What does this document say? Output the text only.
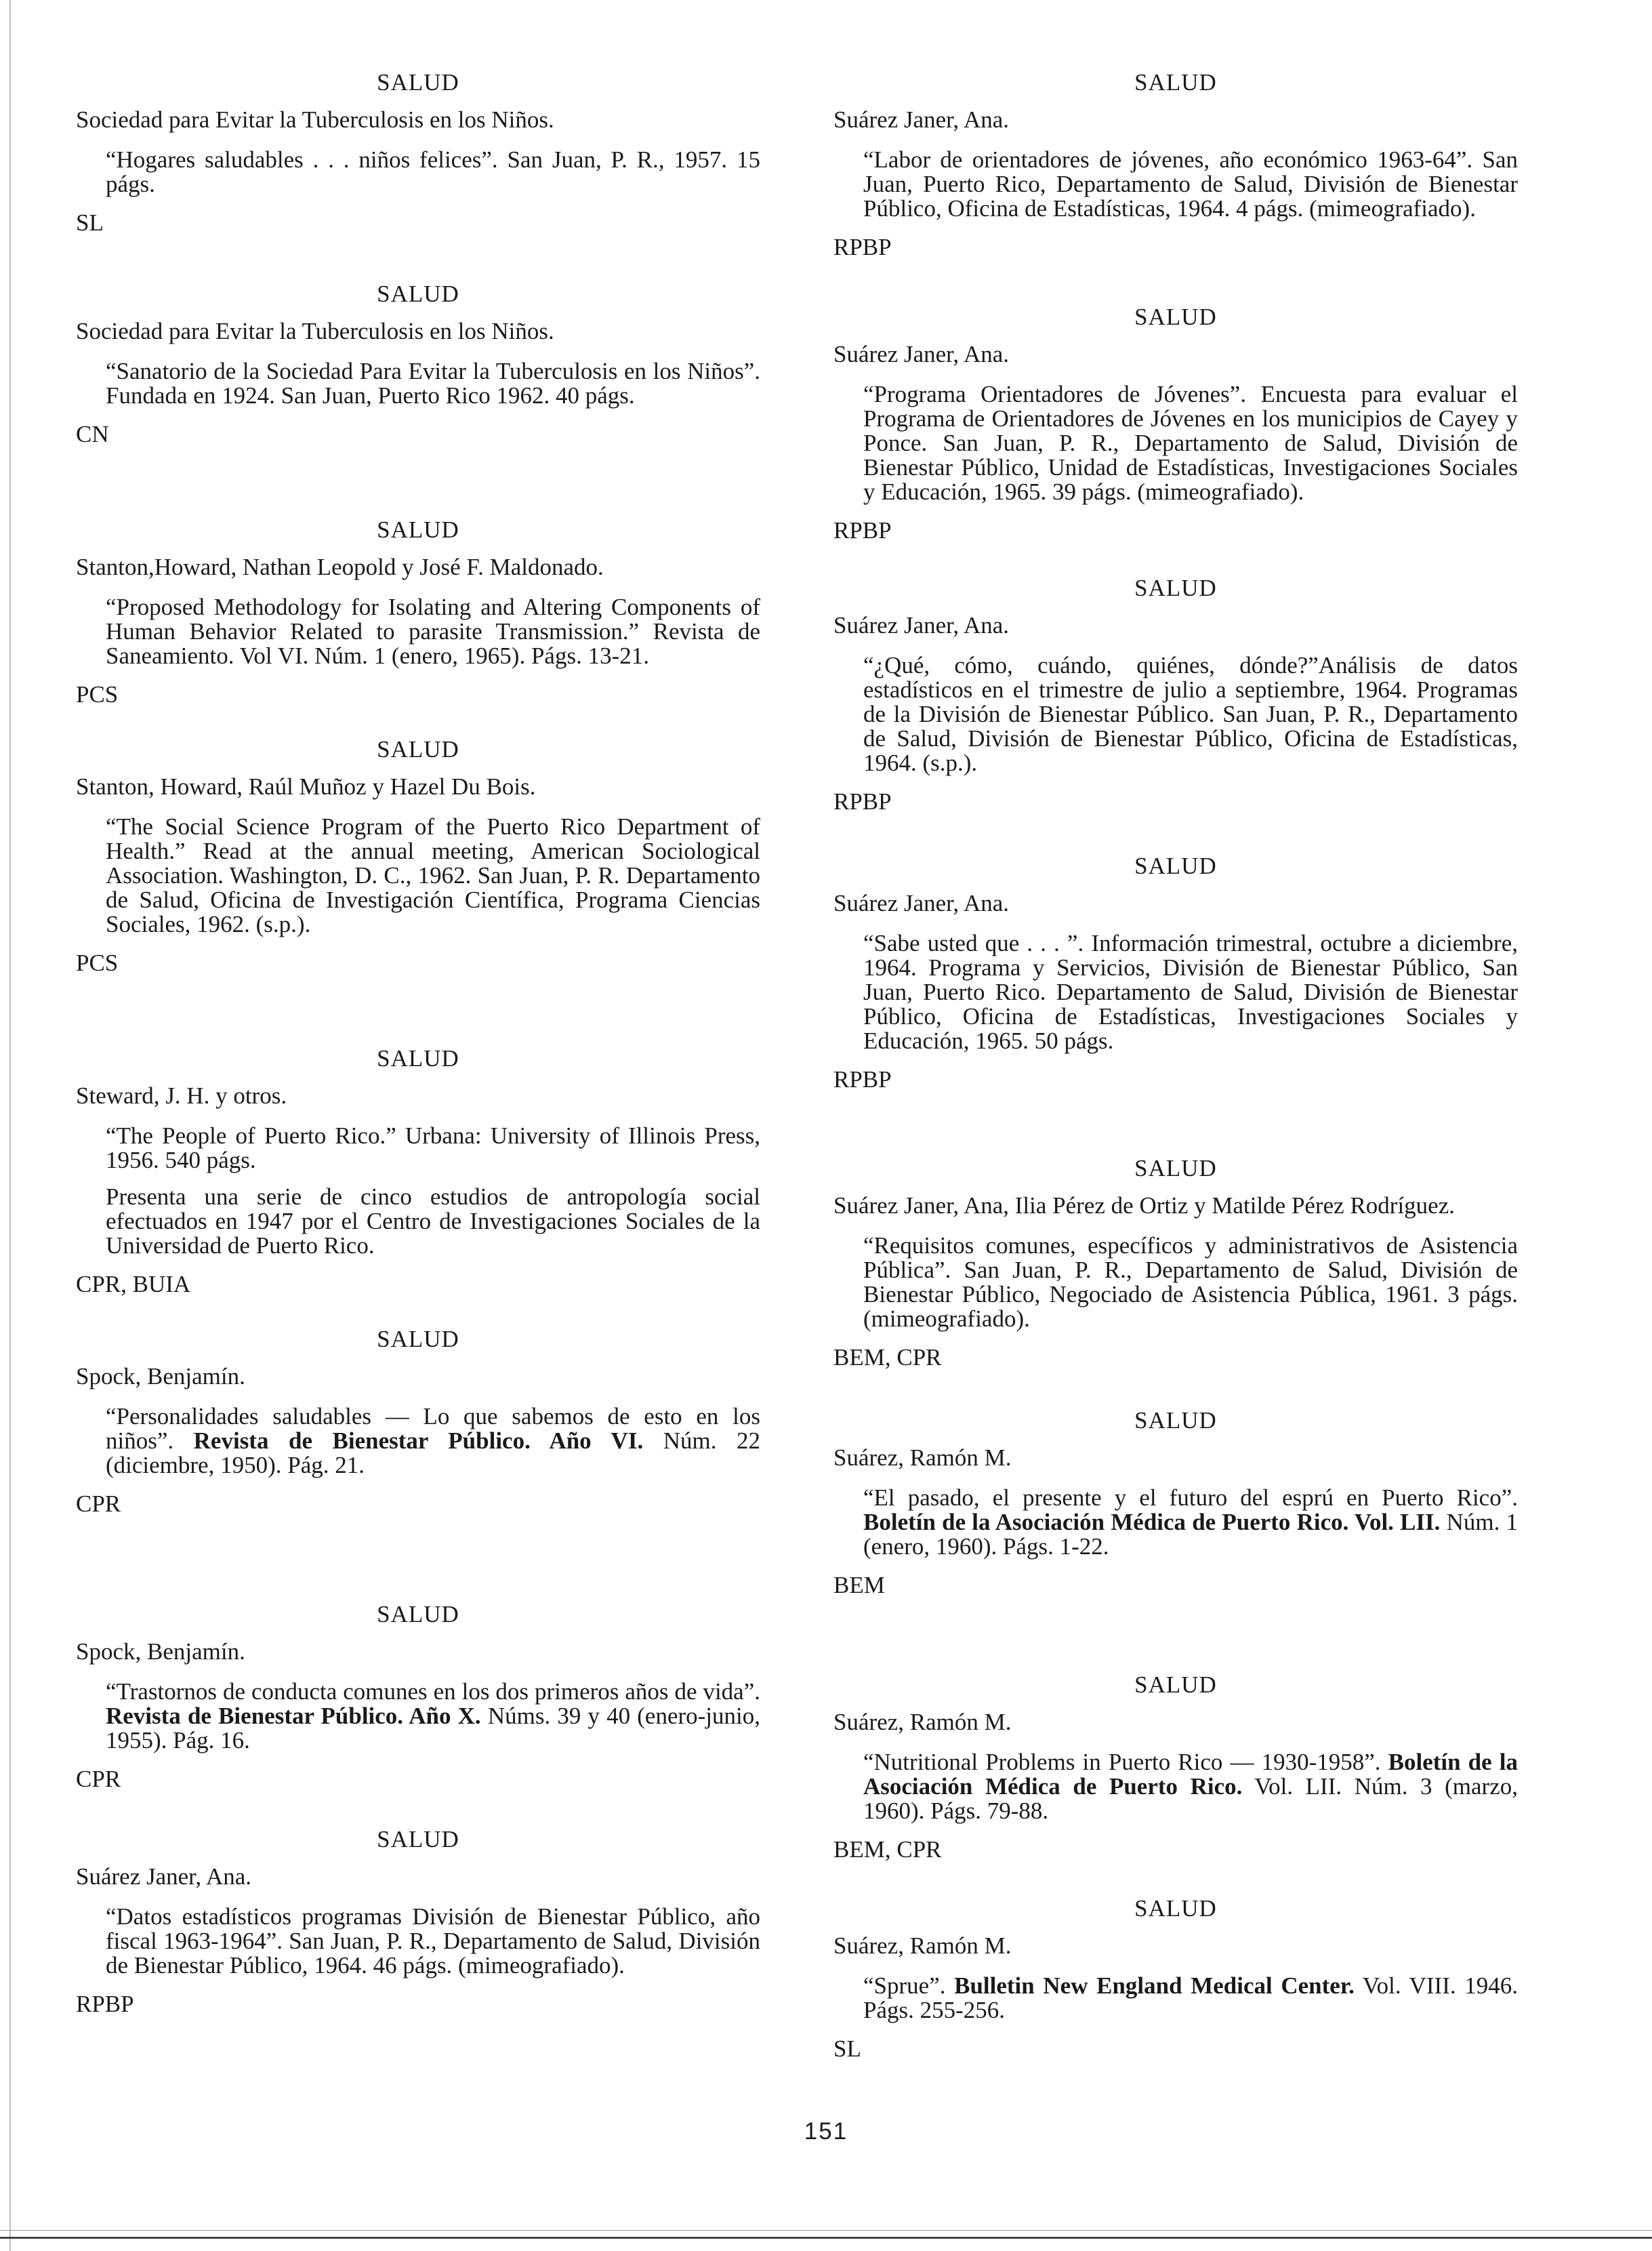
SALUD
Sociedad para Evitar la Tuberculosis en los Niños.
“Hogares saludables . . . niños felices”. San Juan, P. R., 1957. 15 págs.
SL
SALUD
Sociedad para Evitar la Tuberculosis en los Niños.
“Sanatorio de la Sociedad Para Evitar la Tuberculosis en los Niños”. Fundada en 1924. San Juan, Puerto Rico 1962. 40 págs.
CN
SALUD
Stanton,Howard, Nathan Leopold y José F. Maldonado.
“Proposed Methodology for Isolating and Altering Components of Human Behavior Related to parasite Transmission.” Revista de Saneamiento. Vol VI. Núm. 1 (enero, 1965). Págs. 13-21.
PCS
SALUD
Stanton, Howard, Raúl Muñoz y Hazel Du Bois.
“The Social Science Program of the Puerto Rico Department of Health.” Read at the annual meeting, American Sociological Association. Washington, D. C., 1962. San Juan, P. R. Departamento de Salud, Oficina de Investigación Científica, Programa Ciencias Sociales, 1962. (s.p.).
PCS
SALUD
Steward, J. H. y otros.
“The People of Puerto Rico.” Urbana: University of Illinois Press, 1956. 540 págs.
Presenta una serie de cinco estudios de antropología social efectuados en 1947 por el Centro de Investigaciones Sociales de la Universidad de Puerto Rico.
CPR, BUIA
SALUD
Spock, Benjamín.
“Personalidades saludables — Lo que sabemos de esto en los niños”. Revista de Bienestar Público. Año VI. Núm. 22 (diciembre, 1950). Pág. 21.
CPR
SALUD
Spock, Benjamín.
“Trastornos de conducta comunes en los dos primeros años de vida”. Revista de Bienestar Público. Año X. Núms. 39 y 40 (enero-junio, 1955). Pág. 16.
CPR
SALUD
Suárez Janer, Ana.
“Datos estadísticos programas División de Bienestar Público, año fiscal 1963-1964”. San Juan, P. R., Departamento de Salud, División de Bienestar Público, 1964. 46 págs. (mimeografiado).
RPBP
SALUD
Suárez Janer, Ana.
“Labor de orientadores de jóvenes, año económico 1963-64”. San Juan, Puerto Rico, Departamento de Salud, División de Bienestar Público, Oficina de Estadísticas, 1964. 4 págs. (mimeografiado).
RPBP
SALUD
Suárez Janer, Ana.
“Programa Orientadores de Jóvenes”. Encuesta para evaluar el Programa de Orientadores de Jóvenes en los municipios de Cayey y Ponce. San Juan, P. R., Departamento de Salud, División de Bienestar Público, Unidad de Estadísticas, Investigaciones Sociales y Educación, 1965. 39 págs. (mimeografiado).
RPBP
SALUD
Suárez Janer, Ana.
“¿Qué, cómo, cuándo, quiénes, dónde?”Análisis de datos estadísticos en el trimestre de julio a septiembre, 1964. Programas de la División de Bienestar Público. San Juan, P. R., Departamento de Salud, División de Bienestar Público, Oficina de Estadísticas, 1964. (s.p.).
RPBP
SALUD
Suárez Janer, Ana.
“Sabe usted que . . . ”. Información trimestral, octubre a diciembre, 1964. Programa y Servicios, División de Bienestar Público, San Juan, Puerto Rico. Departamento de Salud, División de Bienestar Público, Oficina de Estadísticas, Investigaciones Sociales y Educación, 1965. 50 págs.
RPBP
SALUD
Suárez Janer, Ana, Ilia Pérez de Ortiz y Matilde Pérez Rodríguez.
“Requisitos comunes, específicos y administrativos de Asistencia Pública”. San Juan, P. R., Departamento de Salud, División de Bienestar Público, Negociado de Asistencia Pública, 1961. 3 págs. (mimeografiado).
BEM, CPR
SALUD
Suárez, Ramón M.
“El pasado, el presente y el futuro del esprú en Puerto Rico”. Boletín de la Asociación Médica de Puerto Rico. Vol. LII. Núm. 1 (enero, 1960). Págs. 1-22.
BEM
SALUD
Suárez, Ramón M.
“Nutritional Problems in Puerto Rico — 1930-1958”. Boletín de la Asociación Médica de Puerto Rico. Vol. LII. Núm. 3 (marzo, 1960). Págs. 79-88.
BEM, CPR
SALUD
Suárez, Ramón M.
“Sprue”. Bulletin New England Medical Center. Vol. VIII. 1946. Págs. 255-256.
SL
151
